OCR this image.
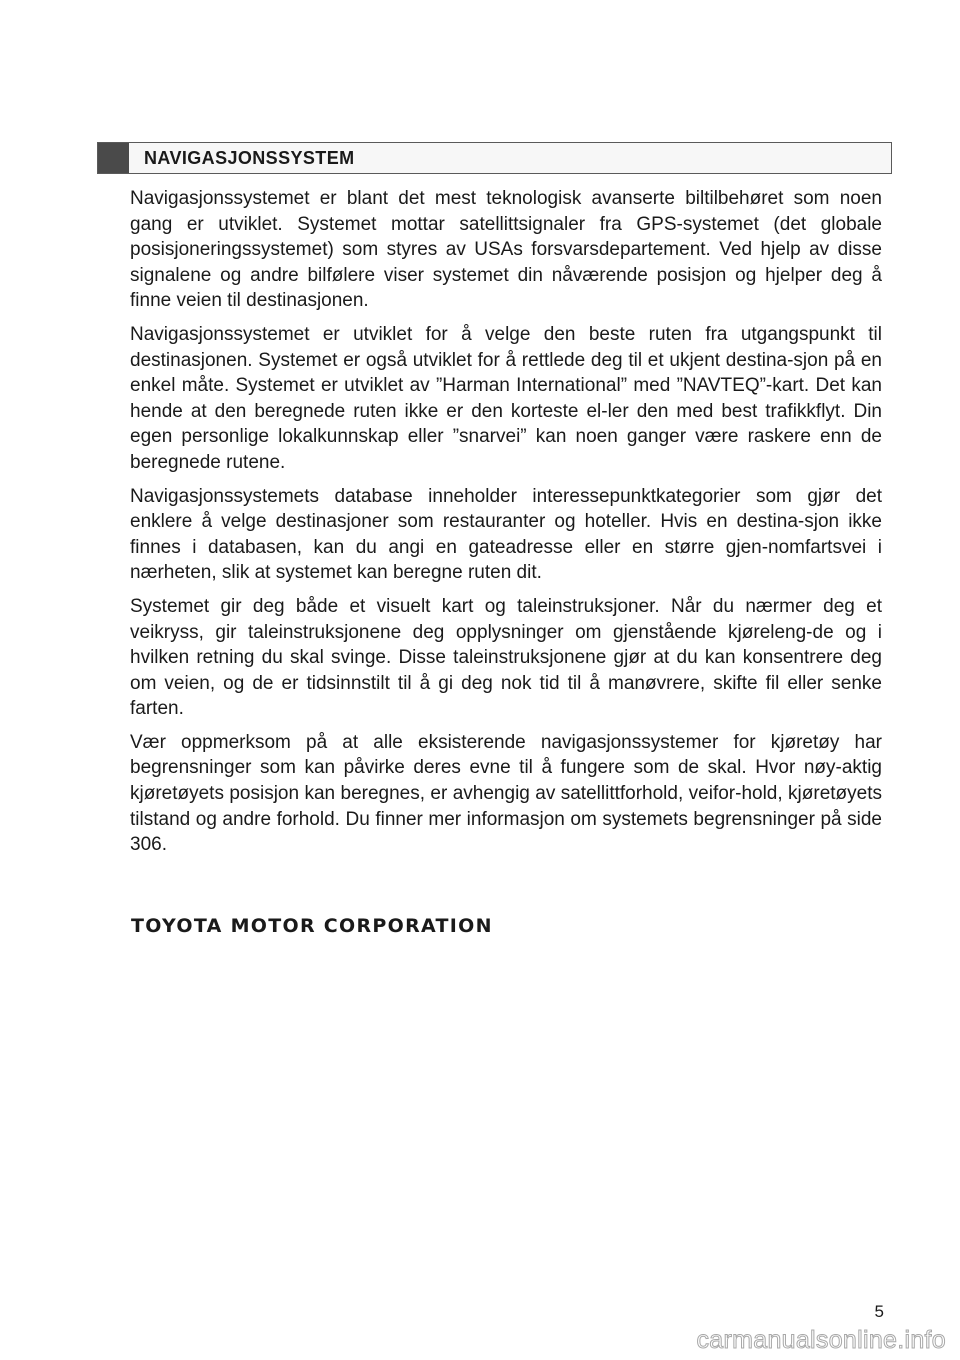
NAVIGASJONSSYSTEM

Navigasjonssystemet er blant det mest teknologisk avanserte biltilbehøret som noen gang er utviklet. Systemet mottar satellittsignaler fra GPS-systemet (det globale posisjoneringssystemet) som styres av USAs forsvarsdepartement. Ved hjelp av disse signalene og andre bilfølere viser systemet din nåværende posisjon og hjelper deg å finne veien til destinasjonen.

Navigasjonssystemet er utviklet for å velge den beste ruten fra utgangspunkt til destinasjonen. Systemet er også utviklet for å rettlede deg til et ukjent destina-sjon på en enkel måte. Systemet er utviklet av ”Harman International” med ”NAVTEQ”-kart. Det kan hende at den beregnede ruten ikke er den korteste el-ler den med best trafikkflyt. Din egen personlige lokalkunnskap eller ”snarvei” kan noen ganger være raskere enn de beregnede rutene.

Navigasjonssystemets database inneholder interessepunktkategorier som gjør det enklere å velge destinasjoner som restauranter og hoteller. Hvis en destina-sjon ikke finnes i databasen, kan du angi en gateadresse eller en større gjen-nomfartsvei i nærheten, slik at systemet kan beregne ruten dit.

Systemet gir deg både et visuelt kart og taleinstruksjoner. Når du nærmer deg et veikryss, gir taleinstruksjonene deg opplysninger om gjenstående kjøreleng-de og i hvilken retning du skal svinge. Disse taleinstruksjonene gjør at du kan konsentrere deg om veien, og de er tidsinnstilt til å gi deg nok tid til å manøvrere, skifte fil eller senke farten.

Vær oppmerksom på at alle eksisterende navigasjonssystemer for kjøretøy har begrensninger som kan påvirke deres evne til å fungere som de skal. Hvor nøy-aktig kjøretøyets posisjon kan beregnes, er avhengig av satellittforhold, veifor-hold, kjøretøyets tilstand og andre forhold. Du finner mer informasjon om systemets begrensninger på side 306.

TOYOTA MOTOR CORPORATION
5
carmanualsonline.info
